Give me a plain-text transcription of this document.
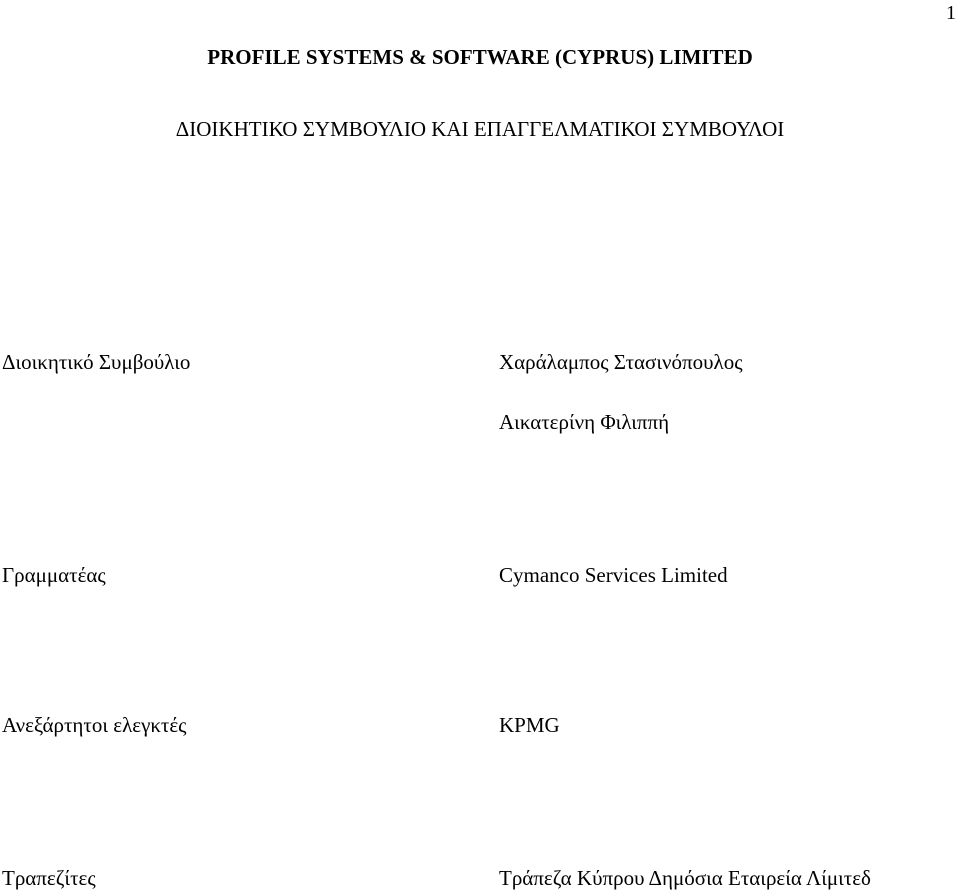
1
PROFILE SYSTEMS & SOFTWARE (CYPRUS) LIMITED
ΔΙΟΙΚΗΤΙΚΟ ΣΥΜΒΟΥΛΙΟ ΚΑΙ ΕΠΑΓΓΕΛΜΑΤΙΚΟΙ ΣΥΜΒΟΥΛΟΙ
Διοικητικό Συμβούλιο	Χαράλαμπος Στασινόπουλος
Αικατερίνη Φιλιππή
Γραμματέας	Cymanco Services Limited
Ανεξάρτητοι ελεγκτές	KPMG
Τραπεζίτες	Τράπεζα Κύπρου Δημόσια Εταιρεία Λίμιτεδ
